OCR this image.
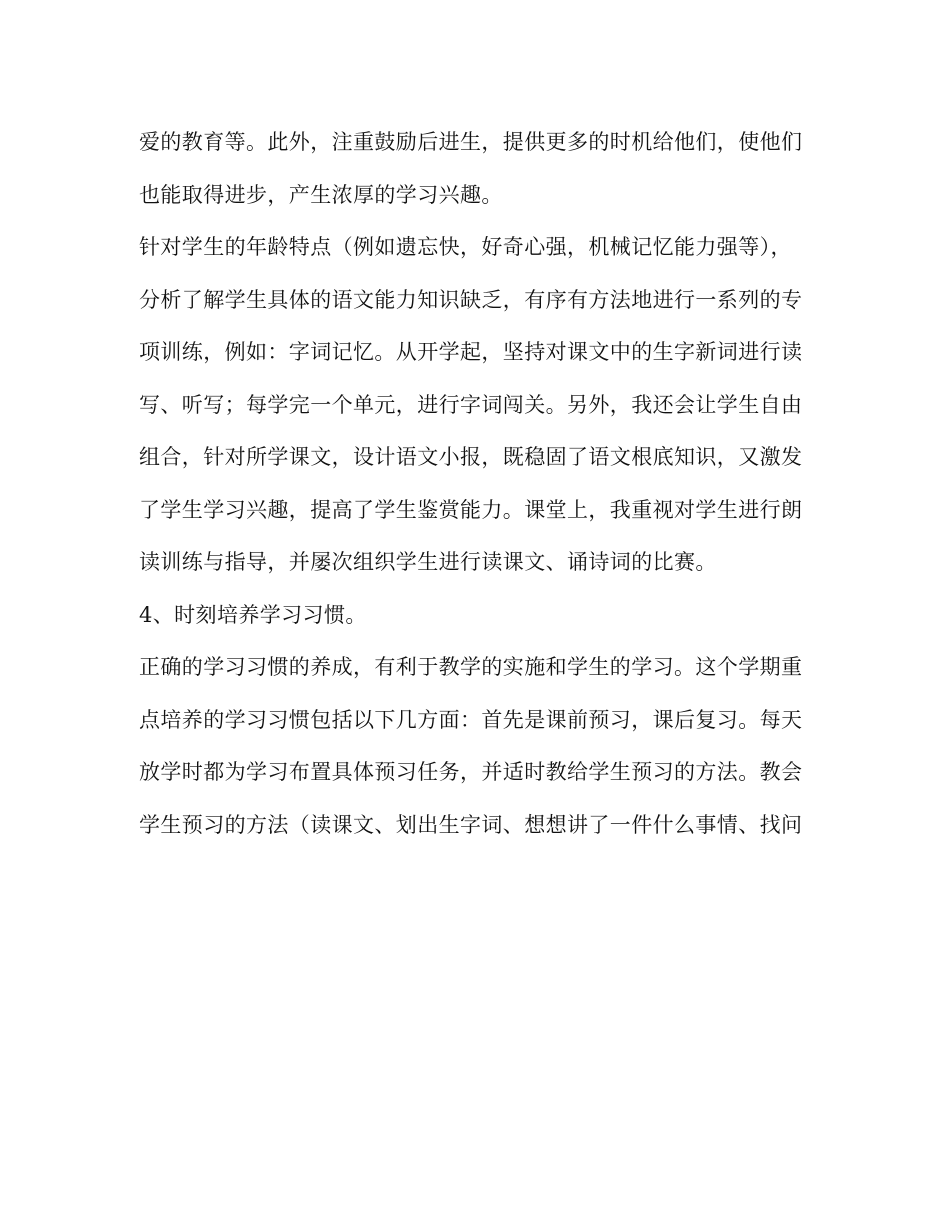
爱的教育等。此外，注重鼓励后进生，提供更多的时机给他们，使他们
也能取得进步，产生浓厚的学习兴趣。
针对学生的年龄特点（例如遗忘快，好奇心强，机械记忆能力强等），
分析了解学生具体的语文能力知识缺乏，有序有方法地进行一系列的专
项训练，例如：字词记忆。从开学起，坚持对课文中的生字新词进行读
写、听写；每学完一个单元，进行字词闯关。另外，我还会让学生自由
组合，针对所学课文，设计语文小报，既稳固了语文根底知识，又激发
了学生学习兴趣，提高了学生鉴赏能力。课堂上，我重视对学生进行朗
读训练与指导，并屡次组织学生进行读课文、诵诗词的比赛。
4、时刻培养学习习惯。
正确的学习习惯的养成，有利于教学的实施和学生的学习。这个学期重
点培养的学习习惯包括以下几方面：首先是课前预习，课后复习。每天
放学时都为学习布置具体预习任务，并适时教给学生预习的方法。教会
学生预习的方法（读课文、划出生字词、想想讲了一件什么事情、找问
